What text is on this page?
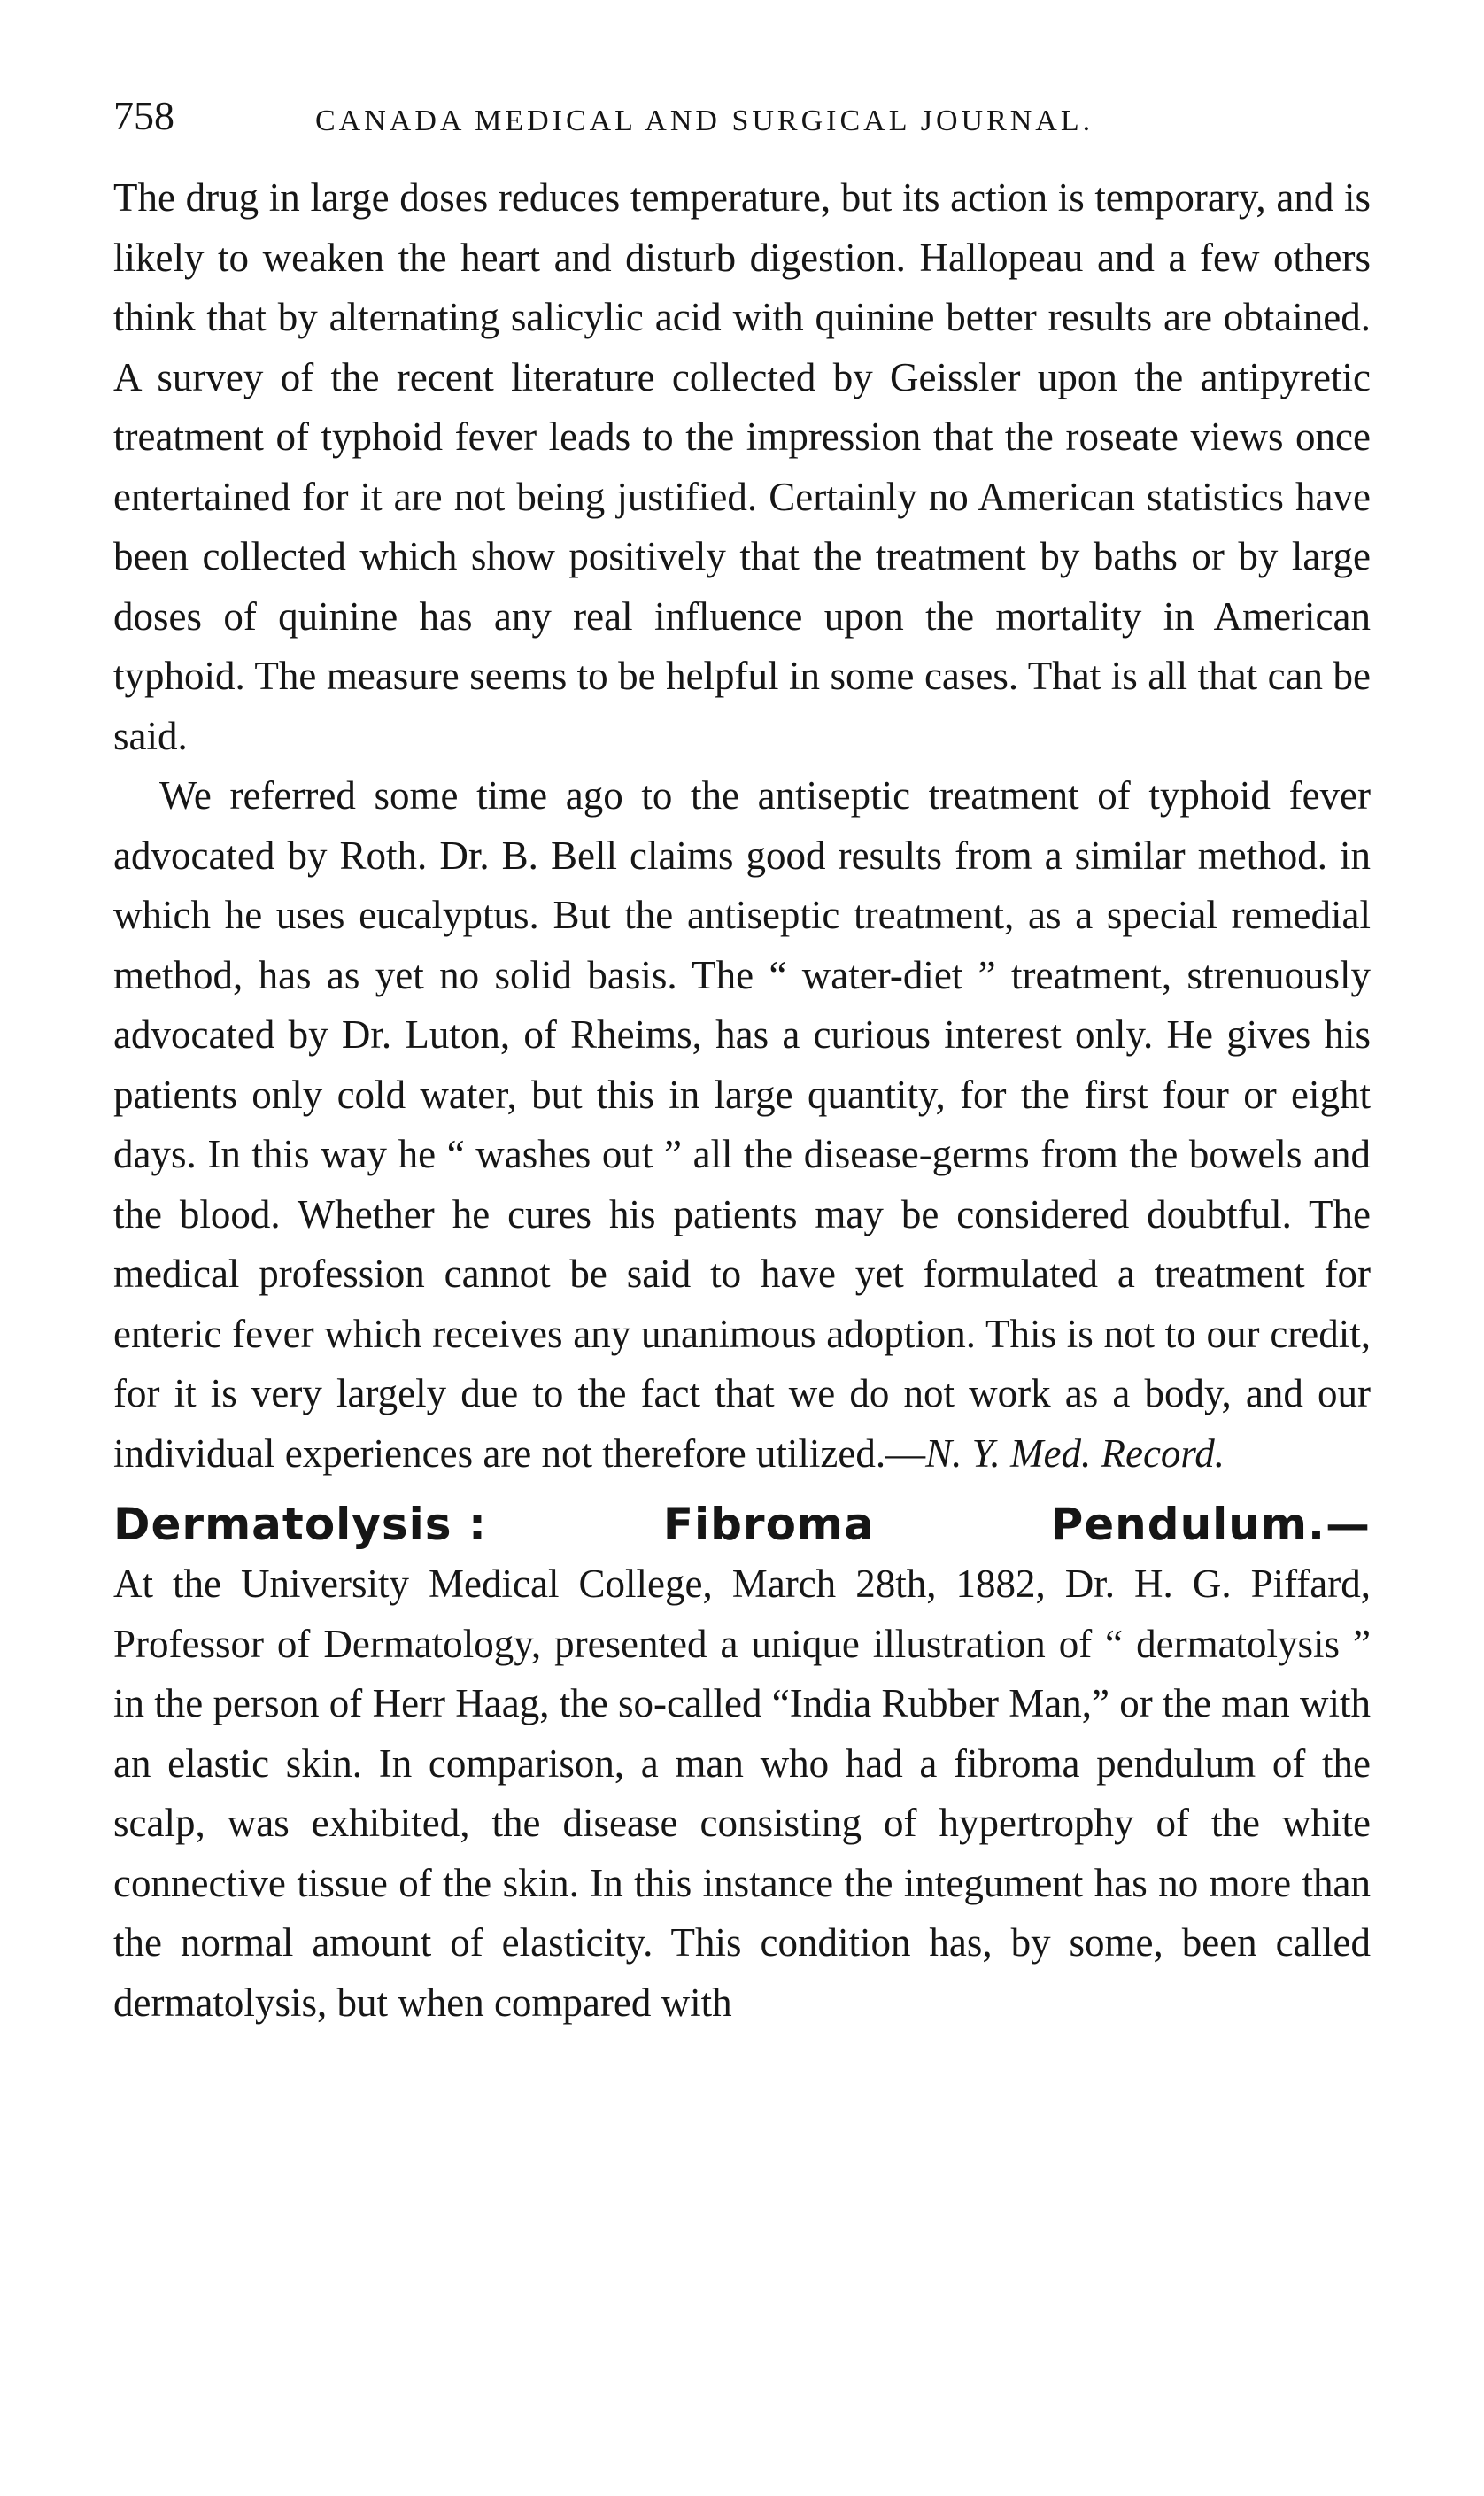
758	CANADA MEDICAL AND SURGICAL JOURNAL.

The drug in large doses reduces temperature, but its action is temporary, and is likely to weaken the heart and disturb digestion. Hallopeau and a few others think that by alternating salicylic acid with quinine better results are obtained. A survey of the recent literature collected by Geissler upon the antipyretic treatment of typhoid fever leads to the impression that the roseate views once entertained for it are not being justified. Certainly no American statistics have been collected which show positively that the treatment by baths or by large doses of quinine has any real influence upon the mortality in American typhoid. The measure seems to be helpful in some cases. That is all that can be said.

We referred some time ago to the antiseptic treatment of typhoid fever advocated by Roth. Dr. B. Bell claims good results from a similar method. in which he uses eucalyptus. But the antiseptic treatment, as a special remedial method, has as yet no solid basis. The “ water-diet ” treatment, strenuously advocated by Dr. Luton, of Rheims, has a curious interest only. He gives his patients only cold water, but this in large quantity, for the first four or eight days. In this way he “ washes out ” all the disease-germs from the bowels and the blood. Whether he cures his patients may be considered doubtful. The medical profession cannot be said to have yet formulated a treatment for enteric fever which receives any unanimous adoption. This is not to our credit, for it is very largely due to the fact that we do not work as a body, and our individual experiences are not therefore utilized.—N. Y. Med. Record.

Dermatolysis :	Fibroma	Pendulum.—

At the University Medical College, March 28th, 1882, Dr. H. G. Piffard, Professor of Dermatology, presented a unique illustration of “ dermatolysis ” in the person of Herr Haag, the so-called “India Rubber Man,” or the man with an elastic skin. In comparison, a man who had a fibroma pendulum of the scalp, was exhibited, the disease consisting of hypertrophy of the white connective tissue of the skin. In this instance the integument has no more than the normal amount of elasticity. This condition has, by some, been called dermatolysis, but when compared with
